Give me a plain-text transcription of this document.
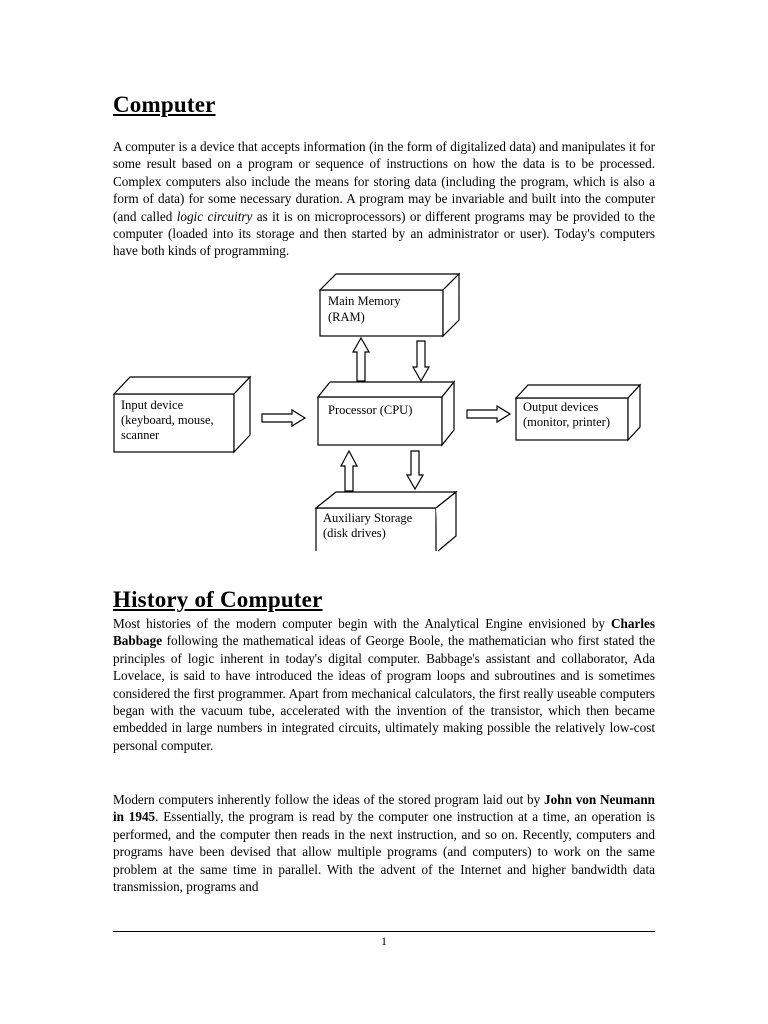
Computer

A computer is a device that accepts information (in the form of digitalized data) and manipulates it for some result based on a program or sequence of instructions on how the data is to be processed. Complex computers also include the means for storing data (including the program, which is also a form of data) for some necessary duration. A program may be invariable and built into the computer (and called logic circuitry as it is on microprocessors) or different programs may be provided to the computer (loaded into its storage and then started by an administrator or user). Today's computers have both kinds of programming.

Main Memory
(RAM)
Processor (CPU)
Input device
(keyboard, mouse,
scanner
Output devices
(monitor, printer)
Auxiliary Storage
(disk drives)
History of Computer

Most histories of the modern computer begin with the Analytical Engine envisioned by Charles Babbage following the mathematical ideas of George Boole, the mathematician who first stated the principles of logic inherent in today's digital computer. Babbage's assistant and collaborator, Ada Lovelace, is said to have introduced the ideas of program loops and subroutines and is sometimes considered the first programmer. Apart from mechanical calculators, the first really useable computers began with the vacuum tube, accelerated with the invention of the transistor, which then became embedded in large numbers in integrated circuits, ultimately making possible the relatively low-cost personal computer.

Modern computers inherently follow the ideas of the stored program laid out by John von Neumann in 1945. Essentially, the program is read by the computer one instruction at a time, an operation is performed, and the computer then reads in the next instruction, and so on. Recently, computers and programs have been devised that allow multiple programs (and computers) to work on the same problem at the same time in parallel. With the advent of the Internet and higher bandwidth data transmission, programs and

1
